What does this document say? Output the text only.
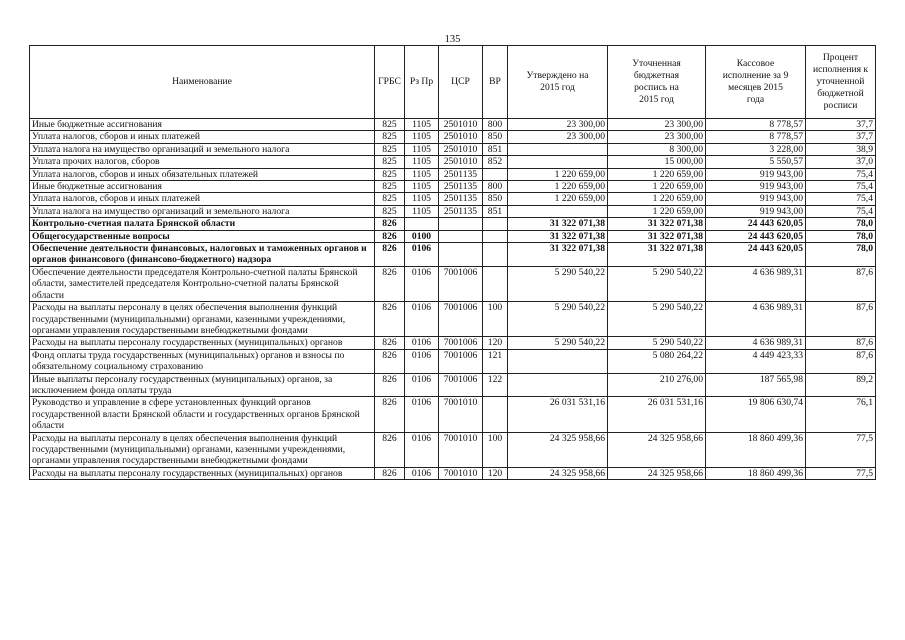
135
Наименование	ГРБС	Рз Пр	ЦСР	ВР	Утверждено на 2015 год	Уточненная бюджетная роспись на 2015 год	Кассовое исполнение за 9 месяцев 2015 года	Процент исполнения к уточненной бюджетной росписи
Иные бюджетные ассигнования	825	1105	2501010	800	23 300,00	23 300,00	8 778,57	37,7
Уплата налогов, сборов и иных платежей	825	1105	2501010	850	23 300,00	23 300,00	8 778,57	37,7
Уплата налога на имущество организаций и земельного налога	825	1105	2501010	851		8 300,00	3 228,00	38,9
Уплата прочих налогов, сборов	825	1105	2501010	852		15 000,00	5 550,57	37,0
Уплата налогов, сборов и иных обязательных платежей	825	1105	2501135		1 220 659,00	1 220 659,00	919 943,00	75,4
Иные бюджетные ассигнования	825	1105	2501135	800	1 220 659,00	1 220 659,00	919 943,00	75,4
Уплата налогов, сборов и иных платежей	825	1105	2501135	850	1 220 659,00	1 220 659,00	919 943,00	75,4
Уплата налога на имущество организаций и земельного налога	825	1105	2501135	851		1 220 659,00	919 943,00	75,4
Контрольно-счетная палата Брянской области	826				31 322 071,38	31 322 071,38	24 443 620,05	78,0
Общегосударственные вопросы	826	0100			31 322 071,38	31 322 071,38	24 443 620,05	78,0
Обеспечение деятельности финансовых, налоговых и таможенных органов и органов финансового (финансово-бюджетного) надзора	826	0106			31 322 071,38	31 322 071,38	24 443 620,05	78,0
Обеспечение деятельности председателя Контрольно-счетной палаты Брянской области, заместителей председателя Контрольно-счетной палаты Брянской области	826	0106	7001006		5 290 540,22	5 290 540,22	4 636 989,31	87,6
Расходы на выплаты персоналу в целях обеспечения выполнения функций государственными (муниципальными) органами, казенными учреждениями, органами управления государственными внебюджетными фондами	826	0106	7001006	100	5 290 540,22	5 290 540,22	4 636 989,31	87,6
Расходы на выплаты персоналу государственных (муниципальных) органов	826	0106	7001006	120	5 290 540,22	5 290 540,22	4 636 989,31	87,6
Фонд оплаты труда государственных (муниципальных) органов и взносы по обязательному социальному страхованию	826	0106	7001006	121		5 080 264,22	4 449 423,33	87,6
Иные выплаты персоналу государственных (муниципальных) органов, за исключением фонда оплаты труда	826	0106	7001006	122		210 276,00	187 565,98	89,2
Руководство и управление в сфере установленных функций органов государственной власти Брянской области и государственных органов Брянской области	826	0106	7001010		26 031 531,16	26 031 531,16	19 806 630,74	76,1
Расходы на выплаты персоналу в целях обеспечения выполнения функций государственными (муниципальными) органами, казенными учреждениями, органами управления государственными внебюджетными фондами	826	0106	7001010	100	24 325 958,66	24 325 958,66	18 860 499,36	77,5
Расходы на выплаты персоналу государственных (муниципальных) органов	826	0106	7001010	120	24 325 958,66	24 325 958,66	18 860 499,36	77,5
